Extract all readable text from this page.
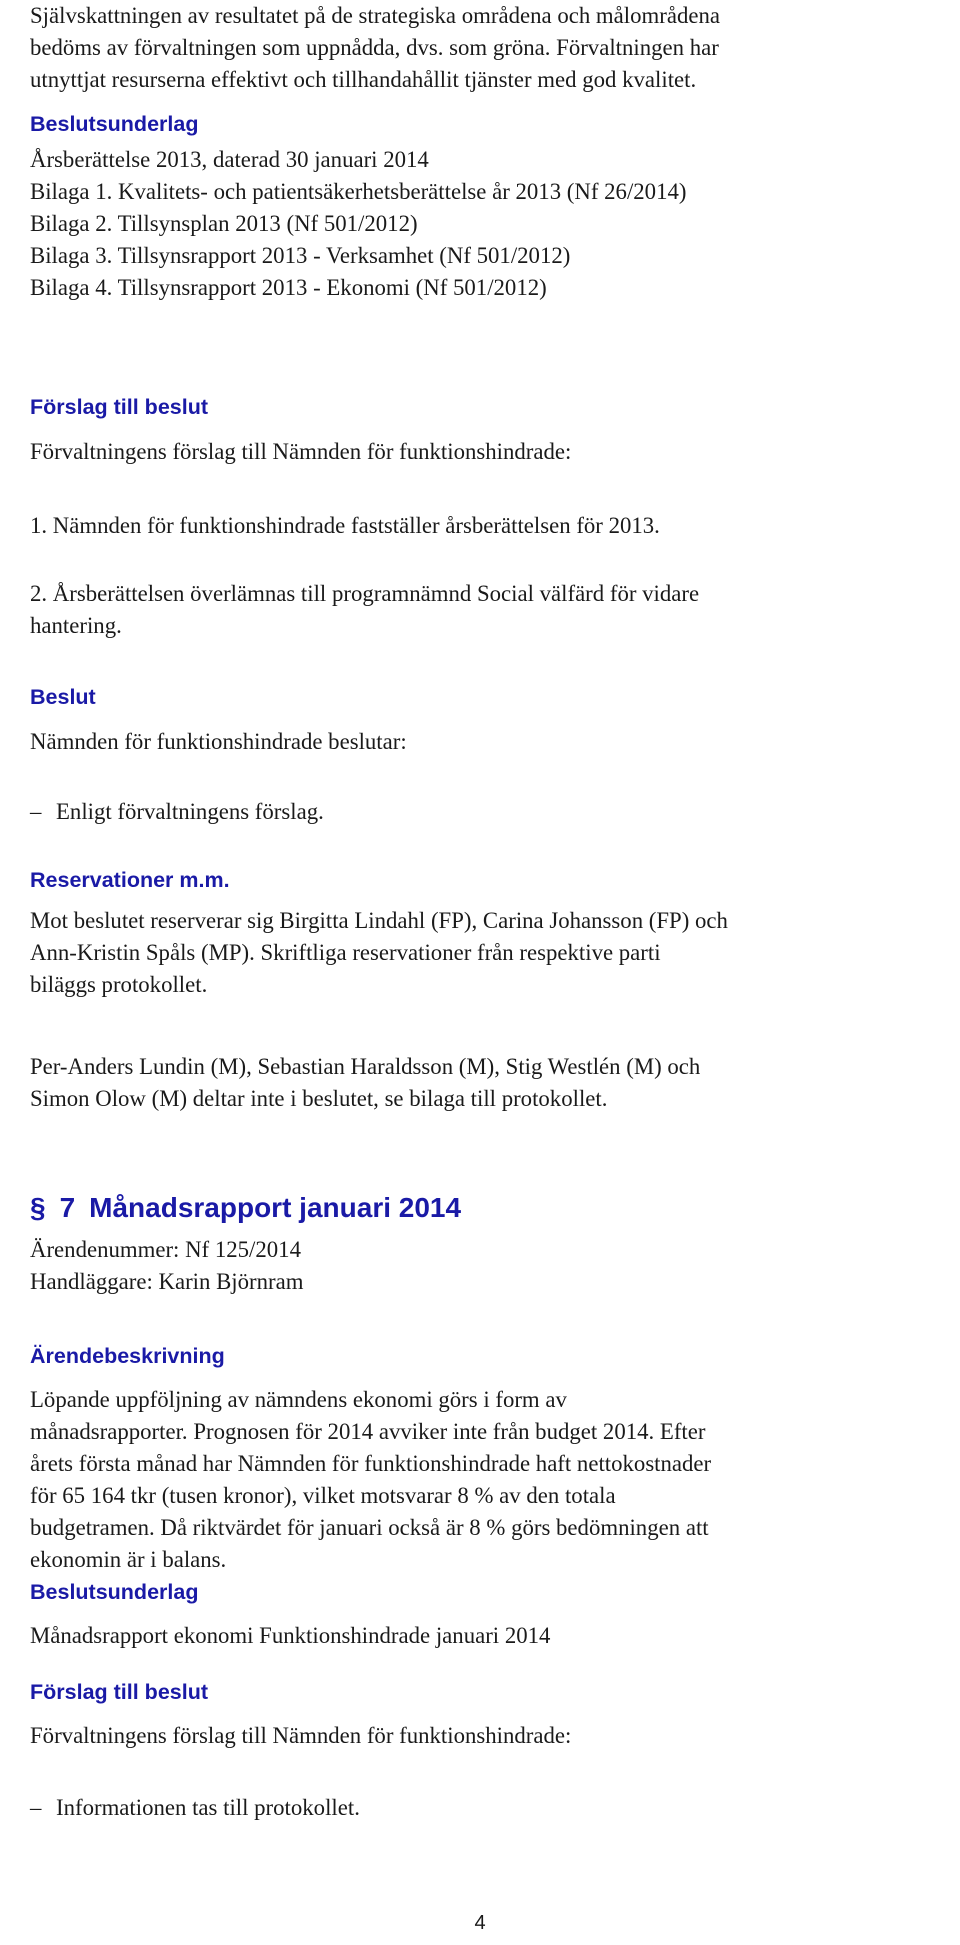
Självskattningen av resultatet på de strategiska områdena och målområdena
bedöms av förvaltningen som uppnådda, dvs. som gröna. Förvaltningen har
utnyttjat resurserna effektivt och tillhandahållit tjänster med god kvalitet.
Beslutsunderlag
Årsberättelse 2013, daterad 30 januari 2014
Bilaga 1. Kvalitets- och patientsäkerhetsberättelse år 2013 (Nf 26/2014)
Bilaga 2. Tillsynsplan 2013 (Nf 501/2012)
Bilaga 3. Tillsynsrapport 2013 - Verksamhet (Nf 501/2012)
Bilaga 4. Tillsynsrapport 2013 - Ekonomi (Nf 501/2012)
Förslag till beslut
Förvaltningens förslag till Nämnden för funktionshindrade:
1. Nämnden för funktionshindrade fastställer årsberättelsen för 2013.
2. Årsberättelsen överlämnas till programnämnd Social välfärd för vidare
hantering.
Beslut
Nämnden för funktionshindrade beslutar:
– Enligt förvaltningens förslag.
Reservationer m.m.
Mot beslutet reserverar sig Birgitta Lindahl (FP), Carina Johansson (FP) och
Ann-Kristin Spåls (MP). Skriftliga reservationer från respektive parti
biläggs protokollet.
Per-Anders Lundin (M), Sebastian Haraldsson (M), Stig Westlén (M) och
Simon Olow (M) deltar inte i beslutet, se bilaga till protokollet.
§ 7 Månadsrapport januari 2014
Ärendenummer: Nf 125/2014
Handläggare: Karin Björnram
Ärendebeskrivning
Löpande uppföljning av nämndens ekonomi görs i form av
månadsrapporter. Prognosen för 2014 avviker inte från budget 2014. Efter
årets första månad har Nämnden för funktionshindrade haft nettokostnader
för 65 164 tkr (tusen kronor), vilket motsvarar 8 % av den totala
budgetramen. Då riktvärdet för januari också är 8 % görs bedömningen att
ekonomin är i balans.
Beslutsunderlag
Månadsrapport ekonomi Funktionshindrade januari 2014
Förslag till beslut
Förvaltningens förslag till Nämnden för funktionshindrade:
– Informationen tas till protokollet.
4
